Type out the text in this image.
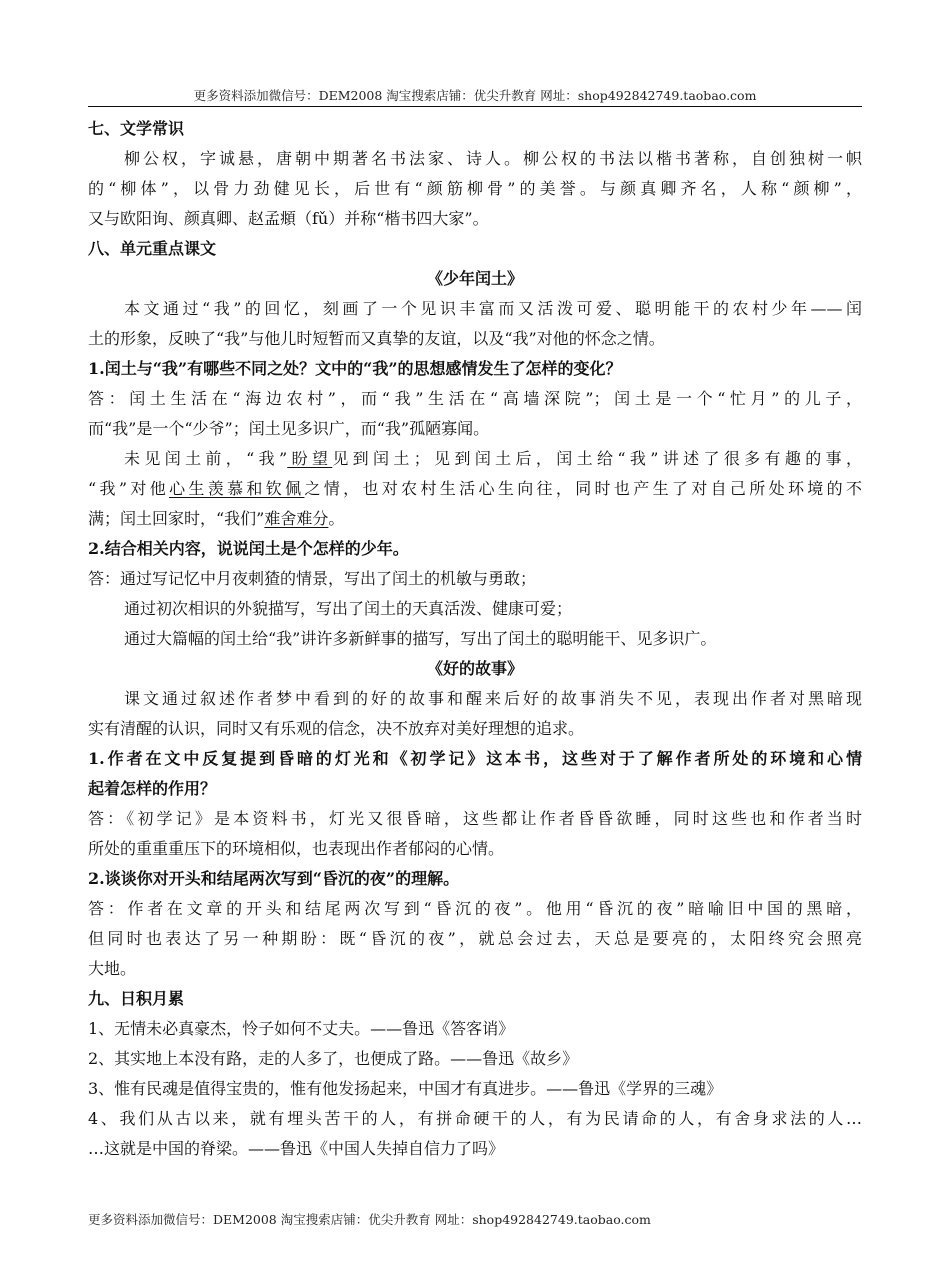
更多资料添加微信号：DEM2008 淘宝搜索店铺：优尖升教育 网址：shop492842749.taobao.com
七、文学常识
柳公权，字诚悬，唐朝中期著名书法家、诗人。柳公权的书法以楷书著称，自创独树一帜
的“柳体”，以骨力劲健见长，后世有“颜筋柳骨”的美誉。与颜真卿齐名，人称“颜柳”，
又与欧阳询、颜真卿、赵孟頫（fǔ）并称“楷书四大家”。
八、单元重点课文
《少年闰土》
本文通过“我”的回忆，刻画了一个见识丰富而又活泼可爱、聪明能干的农村少年——闰
土的形象，反映了“我”与他儿时短暂而又真挚的友谊，以及“我”对他的怀念之情。
1.闰土与“我”有哪些不同之处？文中的“我”的思想感情发生了怎样的变化？
答：闰土生活在“海边农村”，而“我”生活在“高墙深院”；闰土是一个“忙月”的儿子，
而“我”是一个“少爷”；闰土见多识广，而“我”孤陋寡闻。
未见闰土前，“我”盼望见到闰土；见到闰土后，闰土给“我”讲述了很多有趣的事，
“我”对他心生羡慕和钦佩之情，也对农村生活心生向往，同时也产生了对自己所处环境的不
满；闰土回家时，“我们”难舍难分。
2.结合相关内容，说说闰土是个怎样的少年。
答：通过写记忆中月夜刺猹的情景，写出了闰土的机敏与勇敢；
通过初次相识的外貌描写，写出了闰土的天真活泼、健康可爱；
通过大篇幅的闰土给“我”讲许多新鲜事的描写，写出了闰土的聪明能干、见多识广。
《好的故事》
课文通过叙述作者梦中看到的好的故事和醒来后好的故事消失不见，表现出作者对黑暗现
实有清醒的认识，同时又有乐观的信念，决不放弃对美好理想的追求。
1.作者在文中反复提到昏暗的灯光和《初学记》这本书，这些对于了解作者所处的环境和心情
起着怎样的作用？
答：《初学记》是本资料书，灯光又很昏暗，这些都让作者昏昏欲睡，同时这些也和作者当时
所处的重重重压下的环境相似，也表现出作者郁闷的心情。
2.谈谈你对开头和结尾两次写到“昏沉的夜”的理解。
答：作者在文章的开头和结尾两次写到“昏沉的夜”。他用“昏沉的夜”暗喻旧中国的黑暗，
但同时也表达了另一种期盼：既“昏沉的夜”，就总会过去，天总是要亮的，太阳终究会照亮
大地。
九、日积月累
1、无情未必真豪杰，怜子如何不丈夫。——鲁迅《答客诮》
2、其实地上本没有路，走的人多了，也便成了路。——鲁迅《故乡》
3、惟有民魂是值得宝贵的，惟有他发扬起来，中国才有真进步。——鲁迅《学界的三魂》
4、我们从古以来，就有埋头苦干的人，有拼命硬干的人，有为民请命的人，有舍身求法的人…
…这就是中国的脊梁。——鲁迅《中国人失掉自信力了吗》
更多资料添加微信号：DEM2008 淘宝搜索店铺：优尖升教育 网址：shop492842749.taobao.com
